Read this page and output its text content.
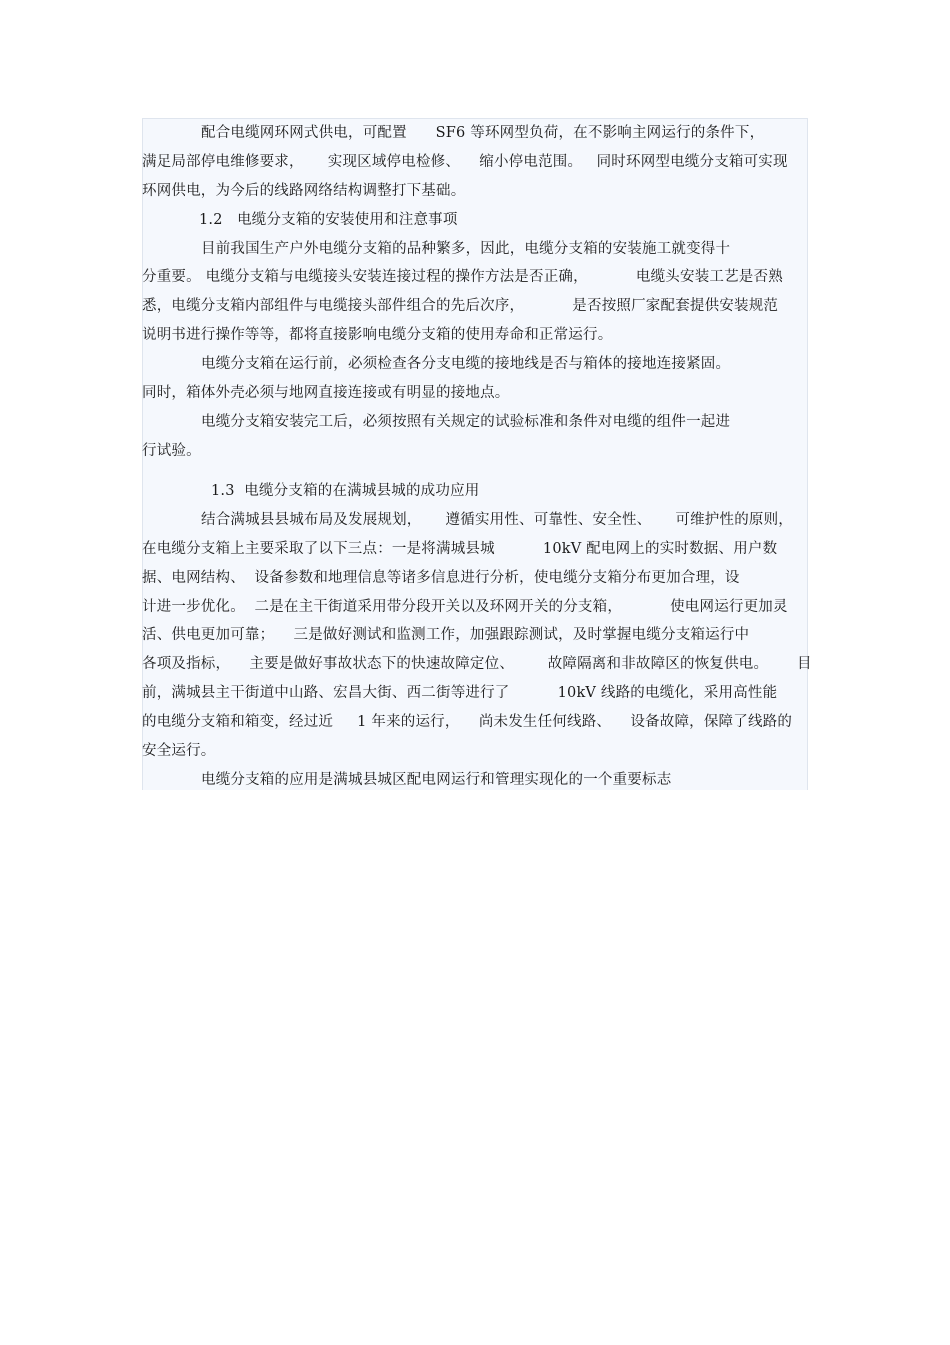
配合电缆网环网式供电，可配置      SF6 等环网型负荷，在不影响主网运行的条件下，
满足局部停电维修要求，     实现区域停电检修、    缩小停电范围。   同时环网型电缆分支箱可实现
环网供电，为今后的线路网络结构调整打下基础。
1.2   电缆分支箱的安装使用和注意事项
目前我国生产户外电缆分支箱的品种繁多，因此，电缆分支箱的安装施工就变得十
分重要。 电缆分支箱与电缆接头安装连接过程的操作方法是否正确，          电缆头安装工艺是否熟
悉，电缆分支箱内部组件与电缆接头部件组合的先后次序，          是否按照厂家配套提供安装规范
说明书进行操作等等，都将直接影响电缆分支箱的使用寿命和正常运行。
电缆分支箱在运行前，必须检查各分支电缆的接地线是否与箱体的接地连接紧固。
同时，箱体外壳必须与地网直接连接或有明显的接地点。
电缆分支箱安装完工后，必须按照有关规定的试验标准和条件对电缆的组件一起进
行试验。
1.3  电缆分支箱的在满城县城的成功应用
结合满城县县城布局及发展规划，     遵循实用性、可靠性、安全性、     可维护性的原则，
在电缆分支箱上主要采取了以下三点：一是将满城县城          10kV 配电网上的实时数据、用户数
据、电网结构、  设备参数和地理信息等诸多信息进行分析，使电缆分支箱分布更加合理，设
计进一步优化。  二是在主干街道采用带分段开关以及环网开关的分支箱，          使电网运行更加灵
活、供电更加可靠；    三是做好测试和监测工作，加强跟踪测试，及时掌握电缆分支箱运行中
各项及指标，    主要是做好事故状态下的快速故障定位、       故障隔离和非故障区的恢复供电。      目
前，满城县主干街道中山路、宏昌大街、西二街等进行了          10kV 线路的电缆化，采用高性能
的电缆分支箱和箱变，经过近     1 年来的运行，    尚未发生任何线路、    设备故障，保障了线路的
安全运行。
电缆分支箱的应用是满城县城区配电网运行和管理实现化的一个重要标志
